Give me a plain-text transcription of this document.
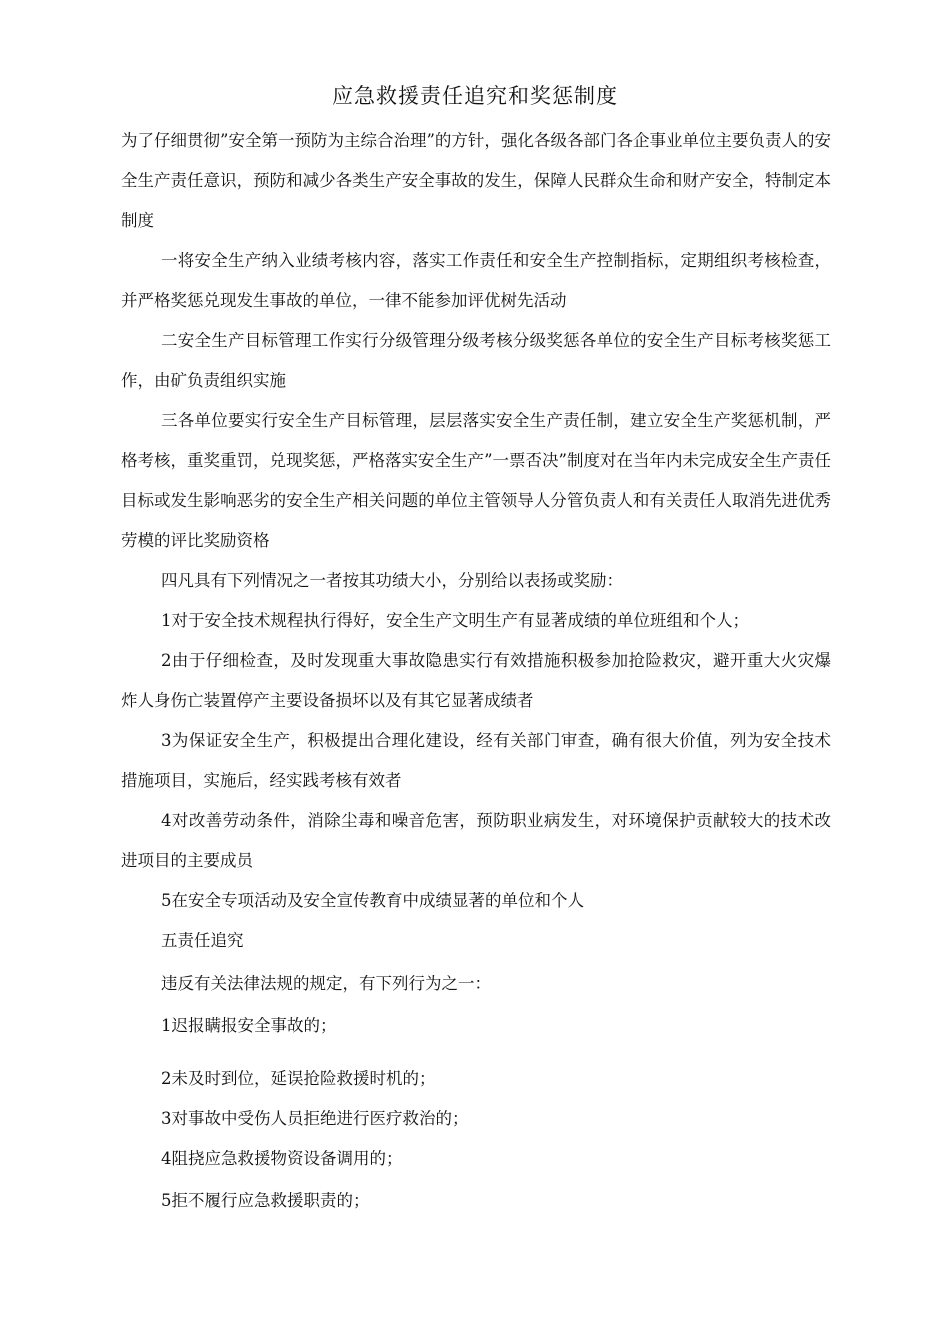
应急救援责任追究和奖惩制度

为了仔细贯彻”安全第一预防为主综合治理”的方针，强化各级各部门各企事业单位主要负责人的安全生产责任意识，预防和减少各类生产安全事故的发生，保障人民群众生命和财产安全，特制定本制度

一将安全生产纳入业绩考核内容，落实工作责任和安全生产控制指标，定期组织考核检查，并严格奖惩兑现发生事故的单位，一律不能参加评优树先活动

二安全生产目标管理工作实行分级管理分级考核分级奖惩各单位的安全生产目标考核奖惩工作，由矿负责组织实施

三各单位要实行安全生产目标管理，层层落实安全生产责任制，建立安全生产奖惩机制，严格考核，重奖重罚，兑现奖惩，严格落实安全生产”一票否决”制度对在当年内未完成安全生产责任目标或发生影响恶劣的安全生产相关问题的单位主管领导人分管负责人和有关责任人取消先进优秀劳模的评比奖励资格

四凡具有下列情况之一者按其功绩大小，分别给以表扬或奖励：

1对于安全技术规程执行得好，安全生产文明生产有显著成绩的单位班组和个人；

2由于仔细检查，及时发现重大事故隐患实行有效措施积极参加抢险救灾，避开重大火灾爆炸人身伤亡装置停产主要设备损坏以及有其它显著成绩者

3为保证安全生产，积极提出合理化建设，经有关部门审查，确有很大价值，列为安全技术措施项目，实施后，经实践考核有效者

4对改善劳动条件，消除尘毒和噪音危害，预防职业病发生，对环境保护贡献较大的技术改进项目的主要成员

5在安全专项活动及安全宣传教育中成绩显著的单位和个人

五责任追究

违反有关法律法规的规定，有下列行为之一：

1迟报瞒报安全事故的；

2未及时到位，延误抢险救援时机的；

3对事故中受伤人员拒绝进行医疗救治的；

4阻挠应急救援物资设备调用的；

5拒不履行应急救援职责的；
